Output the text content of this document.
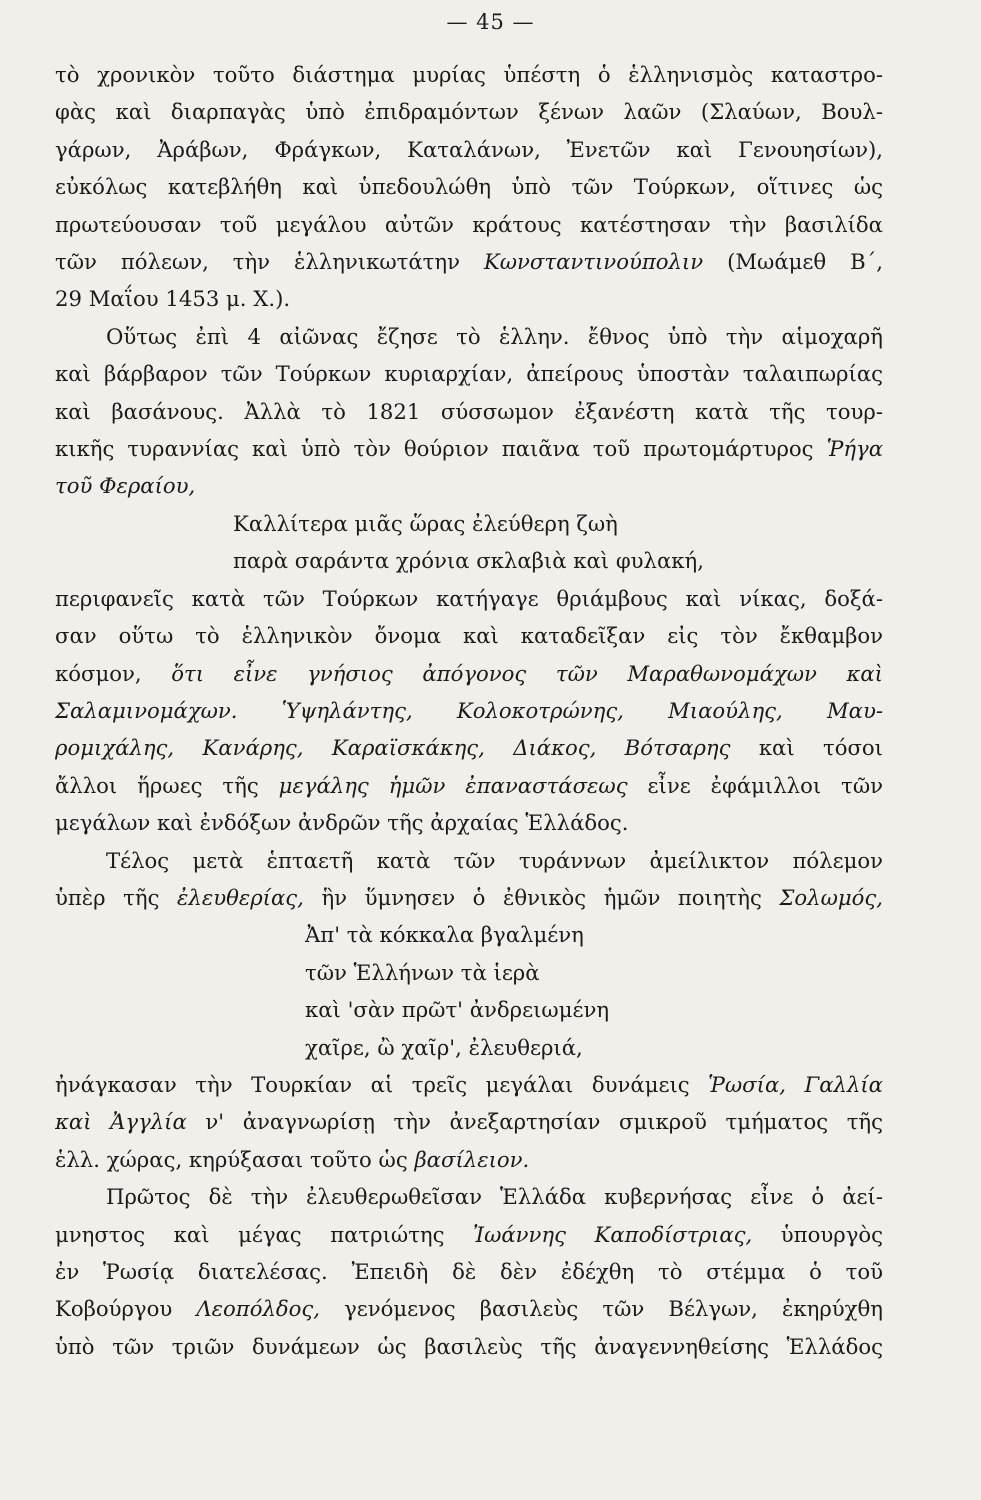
— 45 —
τὸ χρονικὸν τοῦτο διάστημα μυρίας ὑπέστη ὁ ἑλληνισμὸς καταστρο-
φὰς καὶ διαρπαγὰς ὑπὸ ἐπιδραμόντων ξένων λαῶν (Σλαύων, Βουλ-
γάρων, Ἀράβων, Φράγκων, Καταλάνων, Ἐνετῶν καὶ Γενουησίων),
εὐκόλως κατεβλήθη καὶ ὑπεδουλώθη ὑπὸ τῶν Τούρκων, οἵτινες ὡς
πρωτεύουσαν τοῦ μεγάλου αὐτῶν κράτους κατέστησαν τὴν βασιλίδα
τῶν πόλεων, τὴν ἑλληνικωτάτην Κωνσταντινούπολιν (Μωάμεθ Β΄,
29 Μαΐου 1453 μ. Χ.).
Οὕτως ἐπὶ 4 αἰῶνας ἔζησε τὸ ἑλλην. ἔθνος ὑπὸ τὴν αἱμοχαρῆ
καὶ βάρβαρον τῶν Τούρκων κυριαρχίαν, ἀπείρους ὑποστὰν ταλαιπωρίας
καὶ βασάνους. Ἀλλὰ τὸ 1821 σύσσωμον ἐξανέστη κατὰ τῆς τουρ-
κικῆς τυραννίας καὶ ὑπὸ τὸν θούριον παιᾶνα τοῦ πρωτομάρτυρος Ῥήγα
τοῦ Φεραίου,
Καλλίτερα μιᾶς ὥρας ἐλεύθερη ζωὴ
παρὰ σαράντα χρόνια σκλαβιὰ καὶ φυλακή,
περιφανεῖς κατὰ τῶν Τούρκων κατήγαγε θριάμβους καὶ νίκας, δοξά-
σαν οὕτω τὸ ἑλληνικὸν ὄνομα καὶ καταδεῖξαν εἰς τὸν ἔκθαμβον
κόσμον, ὅτι εἶνε γνήσιος ἀπόγονος τῶν Μαραθωνομάχων καὶ
Σαλαμινομάχων. Ὑψηλάντης, Κολοκοτρώνης, Μιαούλης, Μαυ-
ρομιχάλης, Κανάρης, Καραϊσκάκης, Διάκος, Βότσαρης καὶ τόσοι
ἄλλοι ἥρωες τῆς μεγάλης ἡμῶν ἐπαναστάσεως εἶνε ἐφάμιλλοι τῶν
μεγάλων καὶ ἐνδόξων ἀνδρῶν τῆς ἀρχαίας Ἑλλάδος.
Τέλος μετὰ ἑπταετῆ κατὰ τῶν τυράννων ἀμείλικτον πόλεμον
ὑπὲρ τῆς ἐλευθερίας, ἣν ὕμνησεν ὁ ἐθνικὸς ἡμῶν ποιητὴς Σολωμός,
Ἀπ' τὰ κόκκαλα βγαλμένη
τῶν Ἑλλήνων τὰ ἱερὰ
καὶ 'σὰν πρῶτ' ἀνδρειωμένη
χαῖρε, ὢ χαῖρ', ἐλευθεριά,
ἠνάγκασαν τὴν Τουρκίαν αἱ τρεῖς μεγάλαι δυνάμεις Ῥωσία, Γαλλία
καὶ Ἀγγλία ν' ἀναγνωρίσῃ τὴν ἀνεξαρτησίαν σμικροῦ τμήματος τῆς
ἑλλ. χώρας, κηρύξασαι τοῦτο ὡς βασίλειον.
Πρῶτος δὲ τὴν ἐλευθερωθεῖσαν Ἑλλάδα κυβερνήσας εἶνε ὁ ἀεί-
μνηστος καὶ μέγας πατριώτης Ἰωάννης Καποδίστριας, ὑπουργὸς
ἐν Ῥωσίᾳ διατελέσας. Ἐπειδὴ δὲ δὲν ἐδέχθη τὸ στέμμα ὁ τοῦ
Κοβούργου Λεοπόλδος, γενόμενος βασιλεὺς τῶν Βέλγων, ἐκηρύχθη
ὑπὸ τῶν τριῶν δυνάμεων ὡς βασιλεὺς τῆς ἀναγεννηθείσης Ἑλλάδος
